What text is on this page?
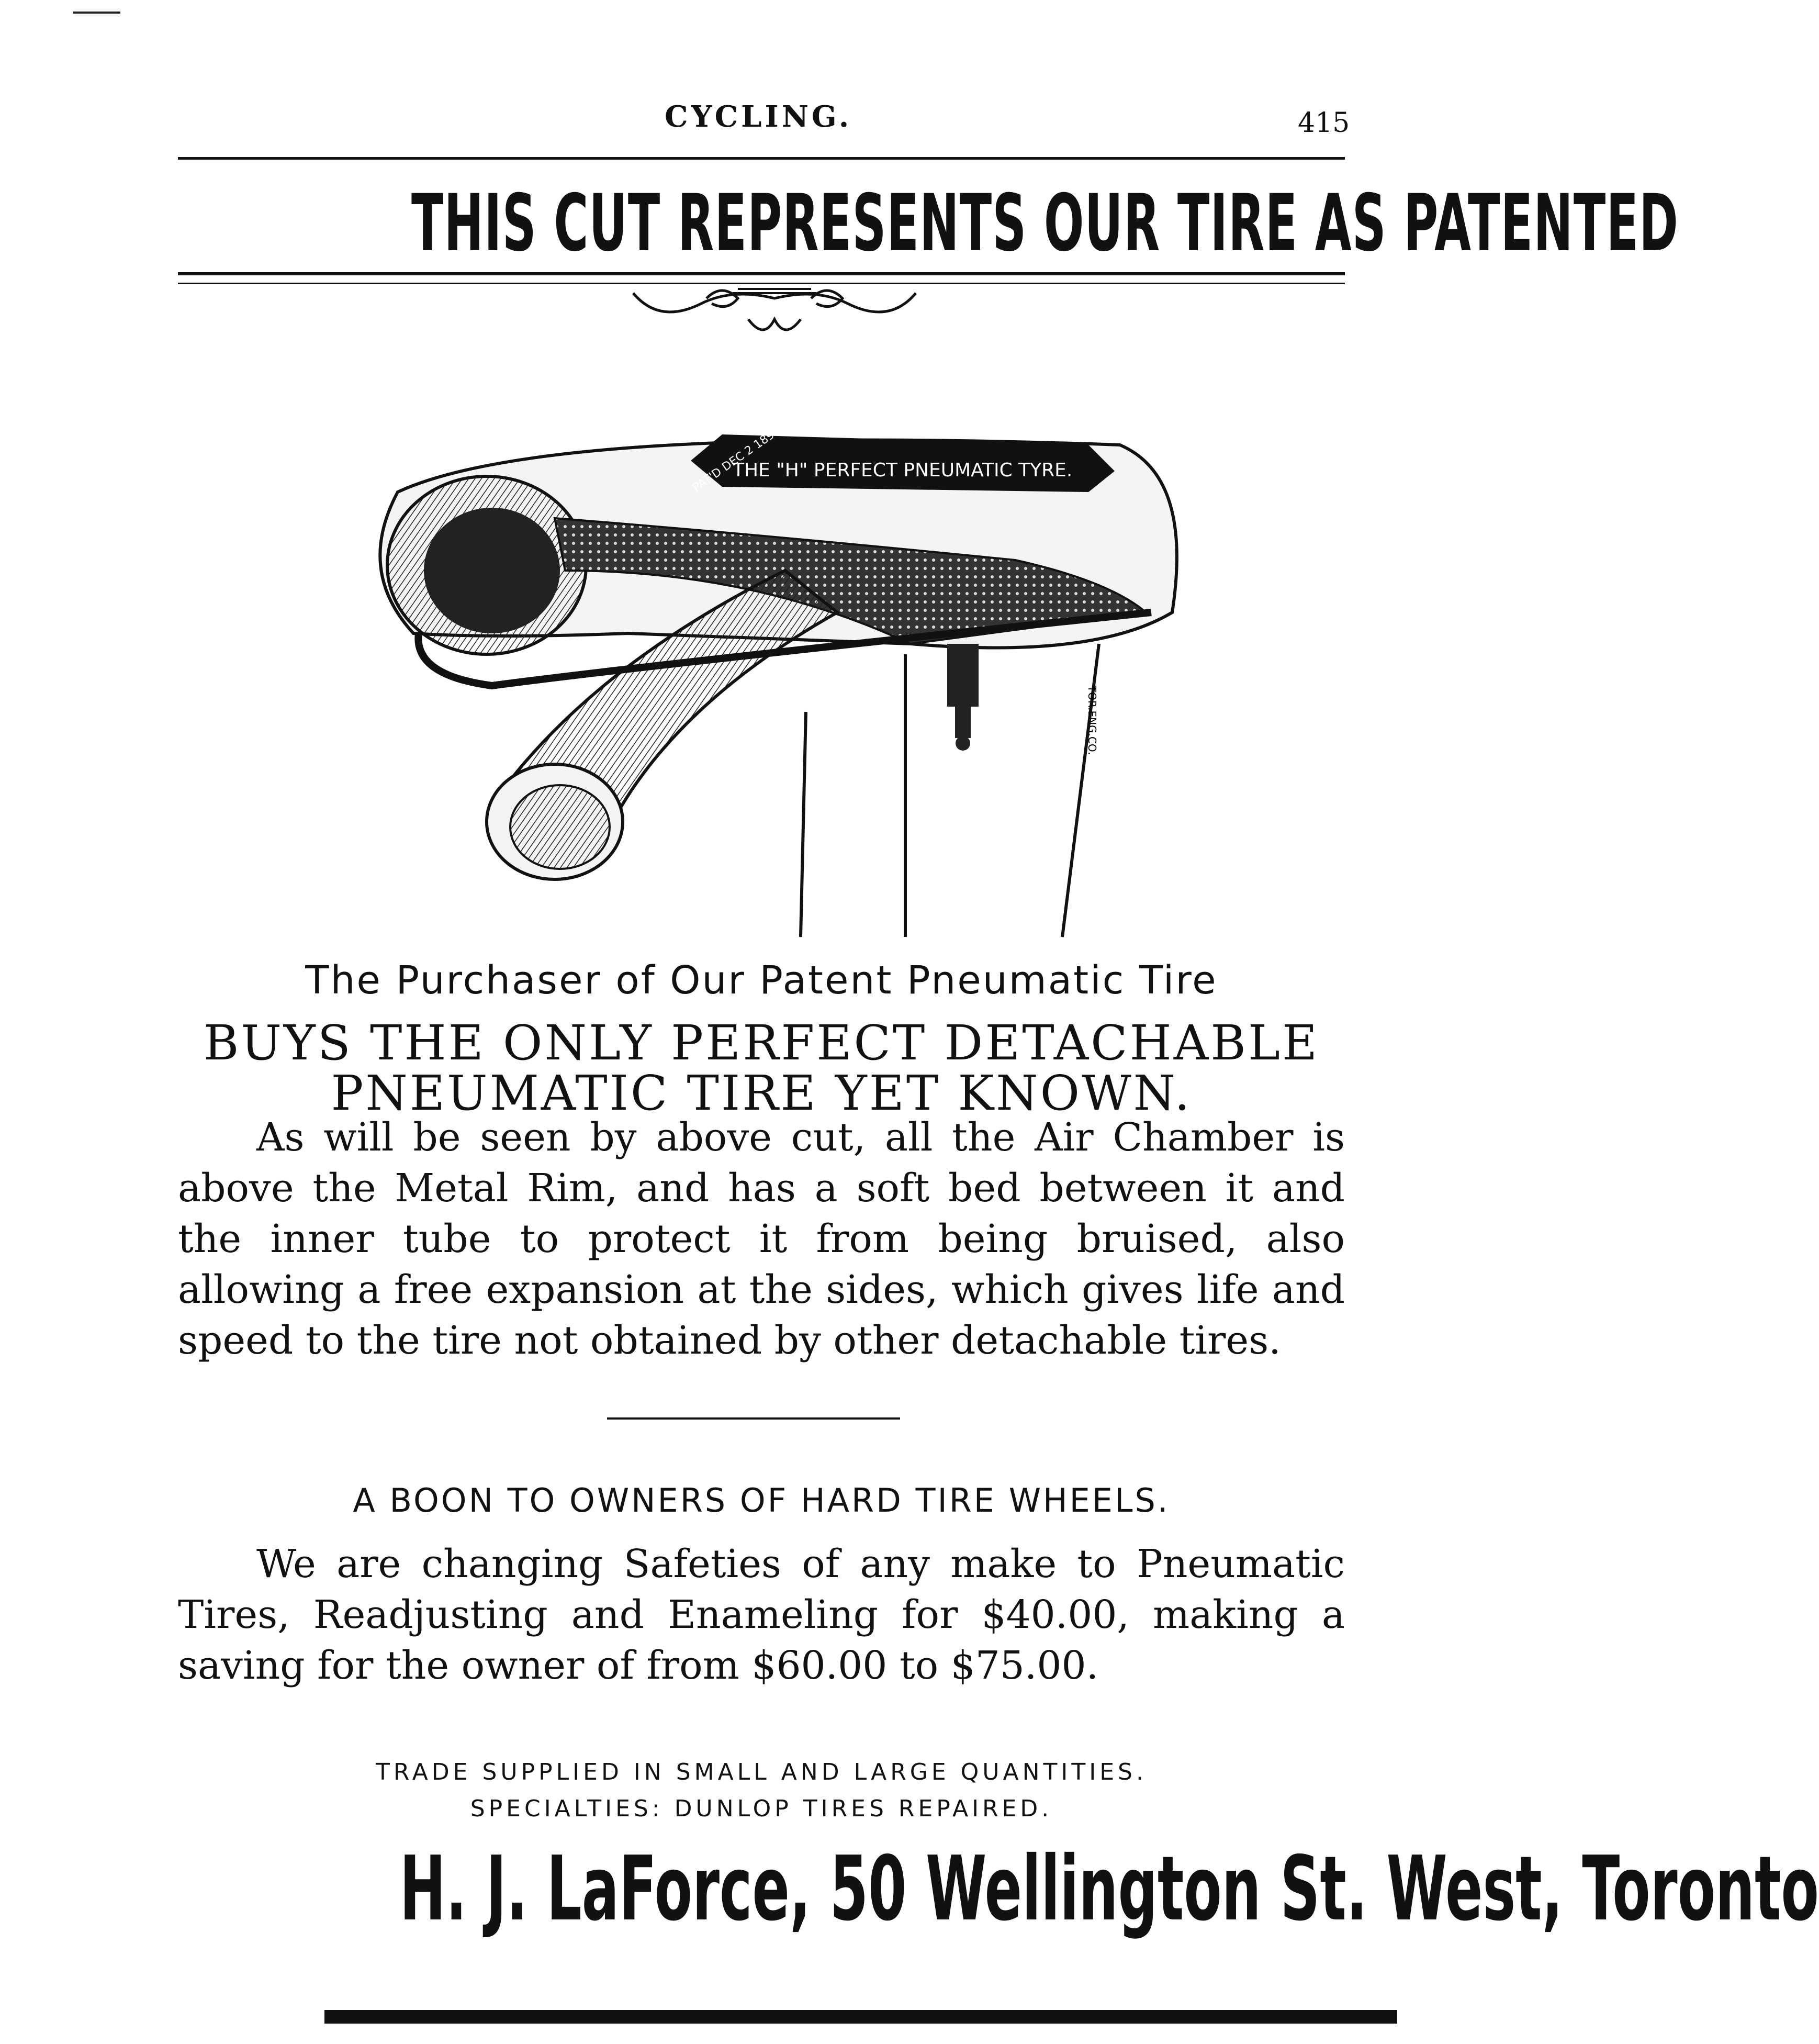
CYCLING.	415
THIS CUT REPRESENTS OUR TIRE AS PATENTED
THE "H" PERFECT PNEUMATIC TYRE.
PAT'D DEC 2 1891
TOR.ENG.CO.
The Purchaser of Our Patent Pneumatic Tire
BUYS THE ONLY PERFECT DETACHABLE
PNEUMATIC TIRE YET KNOWN.
As will be seen by above cut, all the Air Chamber is above the Metal Rim, and has a soft bed between it and the inner tube to protect it from being bruised, also allowing a free expansion at the sides, which gives life and speed to the tire not obtained by other detachable tires.
A BOON TO OWNERS OF HARD TIRE WHEELS.
We are changing Safeties of any make to Pneumatic Tires, Readjusting and Enameling for $40.00, making a saving for the owner of from $60.00 to $75.00.
TRADE SUPPLIED IN SMALL AND LARGE QUANTITIES.
SPECIALTIES: DUNLOP TIRES REPAIRED.
H. J. LaForce, 50 Wellington St. West, Toronto
